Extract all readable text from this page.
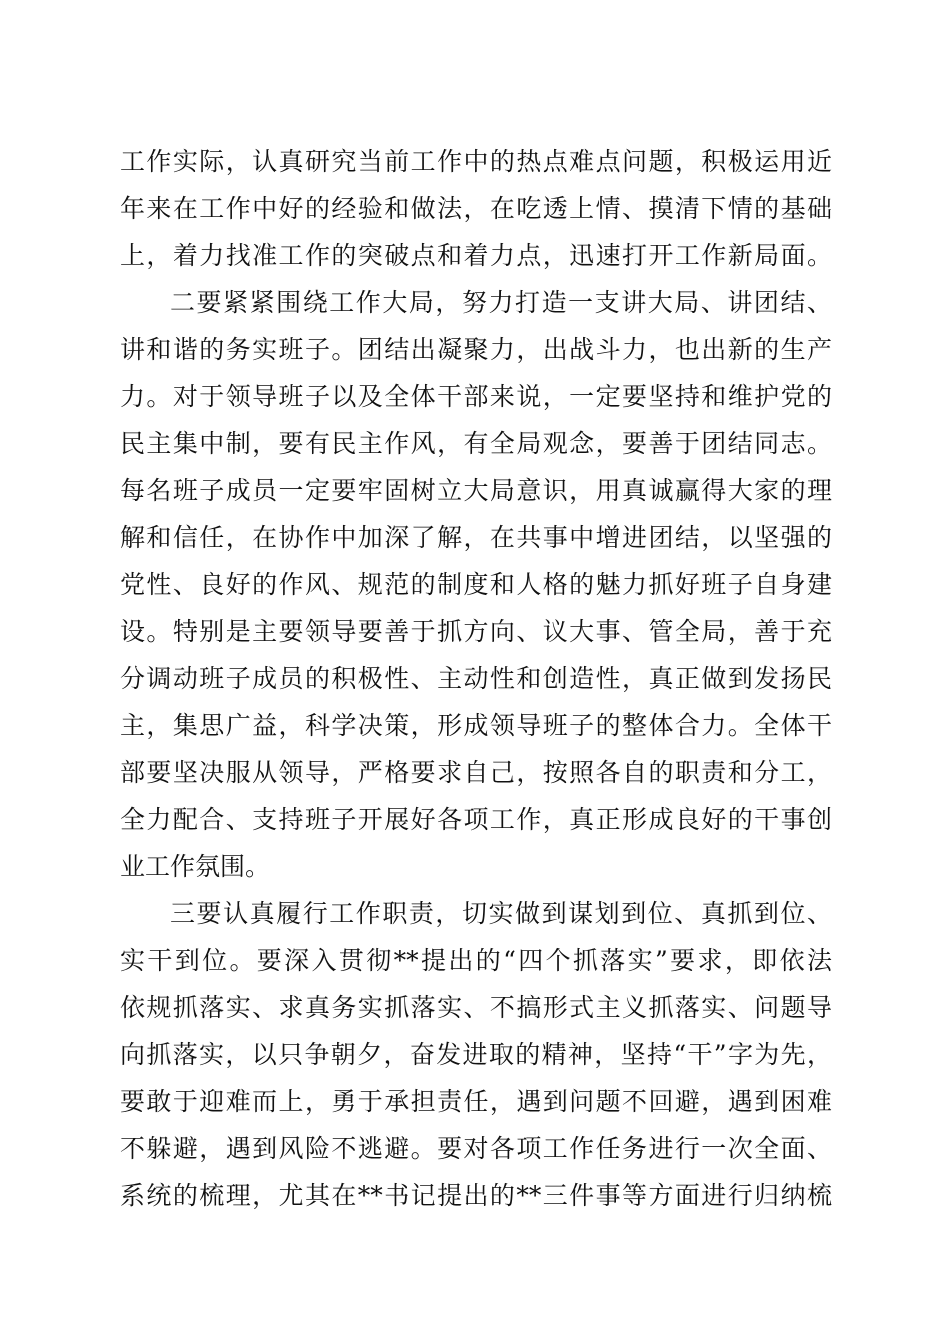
工作实际，认真研究当前工作中的热点难点问题，积极运用近
年来在工作中好的经验和做法，在吃透上情、摸清下情的基础
上，着力找准工作的突破点和着力点，迅速打开工作新局面。
二要紧紧围绕工作大局，努力打造一支讲大局、讲团结、
讲和谐的务实班子。团结出凝聚力，出战斗力，也出新的生产
力。对于领导班子以及全体干部来说，一定要坚持和维护党的
民主集中制，要有民主作风，有全局观念，要善于团结同志。
每名班子成员一定要牢固树立大局意识，用真诚赢得大家的理
解和信任，在协作中加深了解，在共事中增进团结，以坚强的
党性、良好的作风、规范的制度和人格的魅力抓好班子自身建
设。特别是主要领导要善于抓方向、议大事、管全局，善于充
分调动班子成员的积极性、主动性和创造性，真正做到发扬民
主，集思广益，科学决策，形成领导班子的整体合力。全体干
部要坚决服从领导，严格要求自己，按照各自的职责和分工，
全力配合、支持班子开展好各项工作，真正形成良好的干事创
业工作氛围。
三要认真履行工作职责，切实做到谋划到位、真抓到位、
实干到位。要深入贯彻**提出的“四个抓落实”要求，即依法
依规抓落实、求真务实抓落实、不搞形式主义抓落实、问题导
向抓落实，以只争朝夕，奋发进取的精神，坚持“干”字为先，
要敢于迎难而上，勇于承担责任，遇到问题不回避，遇到困难
不躲避，遇到风险不逃避。要对各项工作任务进行一次全面、
系统的梳理，尤其在**书记提出的**三件事等方面进行归纳梳
